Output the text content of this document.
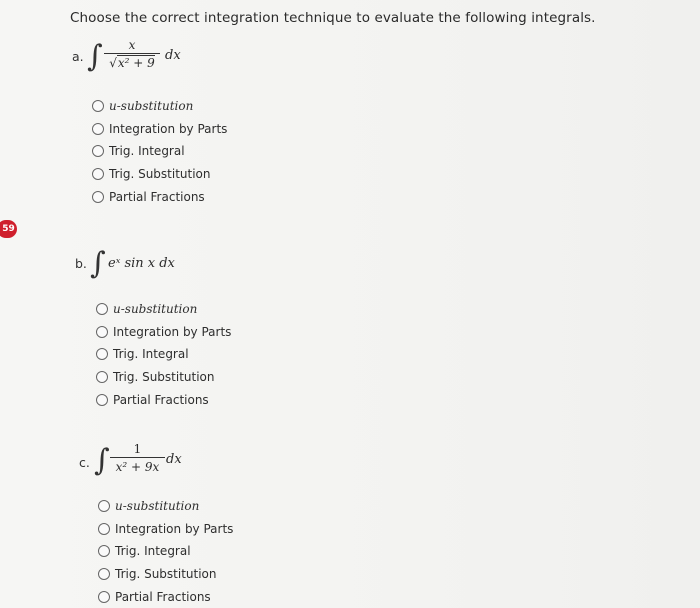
Choose the correct integration technique to evaluate the following integrals.
59
a. ∫	x
√x² + 9 dx
u-substitution
Integration by Parts
Trig. Integral
Trig. Substitution
Partial Fractions
b. ∫ eˣ sin x dx
u-substitution
Integration by Parts
Trig. Integral
Trig. Substitution
Partial Fractions
c. ∫	1
x² + 9x dx
u-substitution
Integration by Parts
Trig. Integral
Trig. Substitution
Partial Fractions
